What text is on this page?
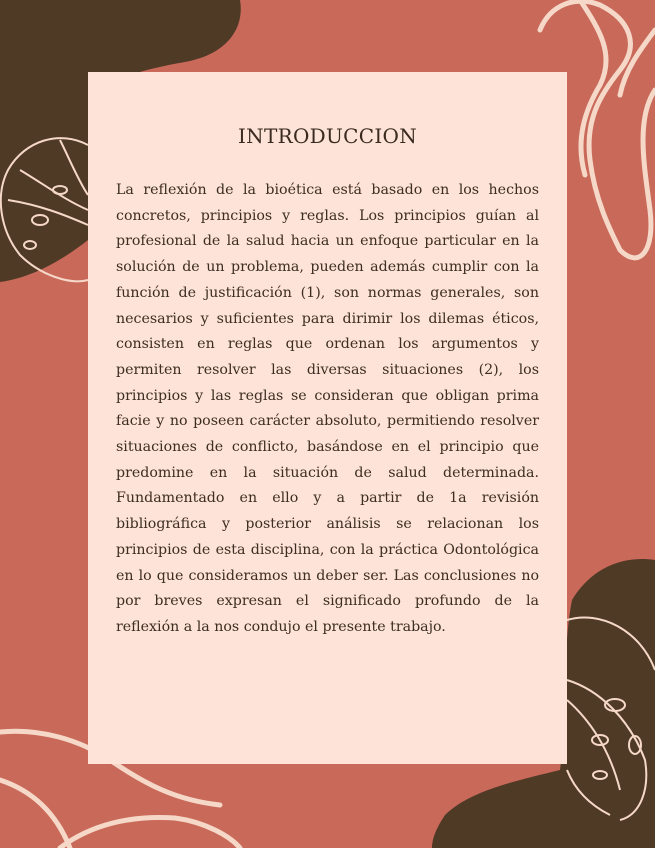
INTRODUCCION

La reflexión de la bioética está basado en los hechos concretos, principios y reglas. Los principios guían al profesional de la salud hacia un enfoque particular en la solución de un problema, pueden además cumplir con la función de justificación (1), son normas generales, son necesarios y suficientes para dirimir los dilemas éticos, consisten en reglas que ordenan los argumentos y permiten resolver las diversas situaciones (2), los principios y las reglas se consideran que obligan prima facie y no poseen carácter absoluto, permitiendo resolver situaciones de conflicto, basándose en el principio que predomine en la situación de salud determinada. Fundamentado en ello y a partir de 1a revisión bibliográfica y posterior análisis se relacionan los principios de esta disciplina, con la práctica Odontológica en lo que consideramos un deber ser. Las conclusiones no por breves expresan el significado profundo de la reflexión a la nos condujo el presente trabajo.
